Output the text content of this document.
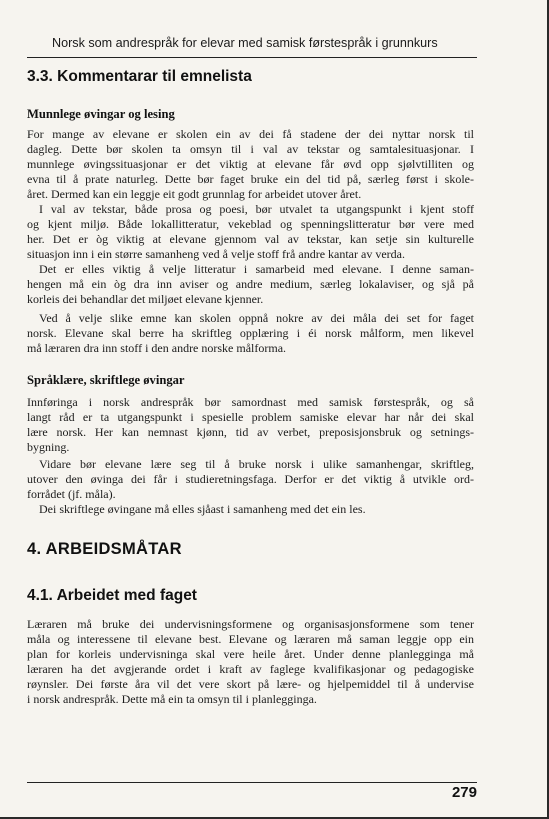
Norsk som andrespråk for elevar med samisk førstespråk i grunnkurs
3.3. Kommentarar til emnelista
Munnlege øvingar og lesing
For mange av elevane er skolen ein av dei få stadene der dei nyttar norsk til
dagleg. Dette bør skolen ta omsyn til i val av tekstar og samtalesituasjonar. I
munnlege øvingssituasjonar er det viktig at elevane får øvd opp sjølvtilliten og
evna til å prate naturleg. Dette bør faget bruke ein del tid på, særleg først i skole-
året. Dermed kan ein leggje eit godt grunnlag for arbeidet utover året.
I val av tekstar, både prosa og poesi, bør utvalet ta utgangspunkt i kjent stoff
og kjent miljø. Både lokallitteratur, vekeblad og spenningslitteratur bør vere med
her. Det er òg viktig at elevane gjennom val av tekstar, kan setje sin kulturelle
situasjon inn i ein større samanheng ved å velje stoff frå andre kantar av verda.
Det er elles viktig å velje litteratur i samarbeid med elevane. I denne saman-
hengen må ein òg dra inn aviser og andre medium, særleg lokalaviser, og sjå på
korleis dei behandlar det miljøet elevane kjenner.
Ved å velje slike emne kan skolen oppnå nokre av dei måla dei set for faget
norsk. Elevane skal berre ha skriftleg opplæring i éi norsk målform, men likevel
må læraren dra inn stoff i den andre norske målforma.
Språklære, skriftlege øvingar
Innføringa i norsk andrespråk bør samordnast med samisk førstespråk, og så
langt råd er ta utgangspunkt i spesielle problem samiske elevar har når dei skal
lære norsk. Her kan nemnast kjønn, tid av verbet, preposisjonsbruk og setnings-
bygning.
Vidare bør elevane lære seg til å bruke norsk i ulike samanhengar, skriftleg,
utover den øvinga dei får i studieretningsfaga. Derfor er det viktig å utvikle ord-
forrådet (jf. måla).
Dei skriftlege øvingane må elles sjåast i samanheng med det ein les.
4. ARBEIDSMÅTAR
4.1. Arbeidet med faget
Læraren må bruke dei undervisningsformene og organisasjonsformene som tener
måla og interessene til elevane best. Elevane og læraren må saman leggje opp ein
plan for korleis undervisninga skal vere heile året. Under denne planlegginga må
læraren ha det avgjerande ordet i kraft av faglege kvalifikasjonar og pedagogiske
røynsler. Dei første åra vil det vere skort på lære- og hjelpemiddel til å undervise
i norsk andrespråk. Dette må ein ta omsyn til i planlegginga.
279
